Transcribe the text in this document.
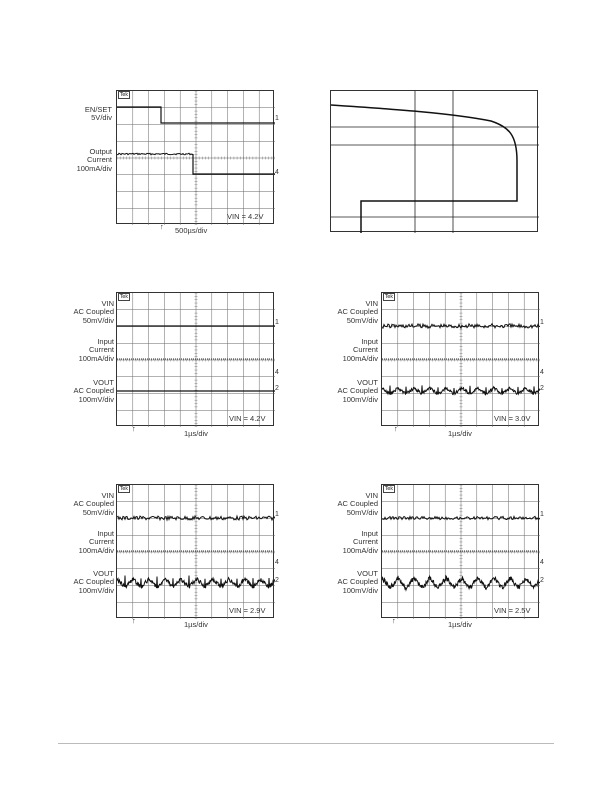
Tek
1
4
VIN = 4.2V
EN/SET
5V/div
Output
Current
100mA/div
↑ 500µs/div
Tek
1
4
2
VIN = 4.2V
VIN
AC Coupled
50mV/div
Input
Current
100mA/div
VOUT
AC Coupled
100mV/div
↑
1µs/div
Tek
1
4
2
VIN = 3.0V
VIN
AC Coupled
50mV/div
Input
Current
100mA/div
VOUT
AC Coupled
100mV/div
↑
1µs/div
Tek
1
4
2
VIN = 2.9V
VIN
AC Coupled
50mV/div
Input
Current
100mA/div
VOUT
AC Coupled
100mV/div
↑	1µs/div
Tek
1
4
2
VIN = 2.5V
VIN
AC Coupled
50mV/div
Input
Current
100mA/div
VOUT
AC Coupled
100mV/div
↑	1µs/div
